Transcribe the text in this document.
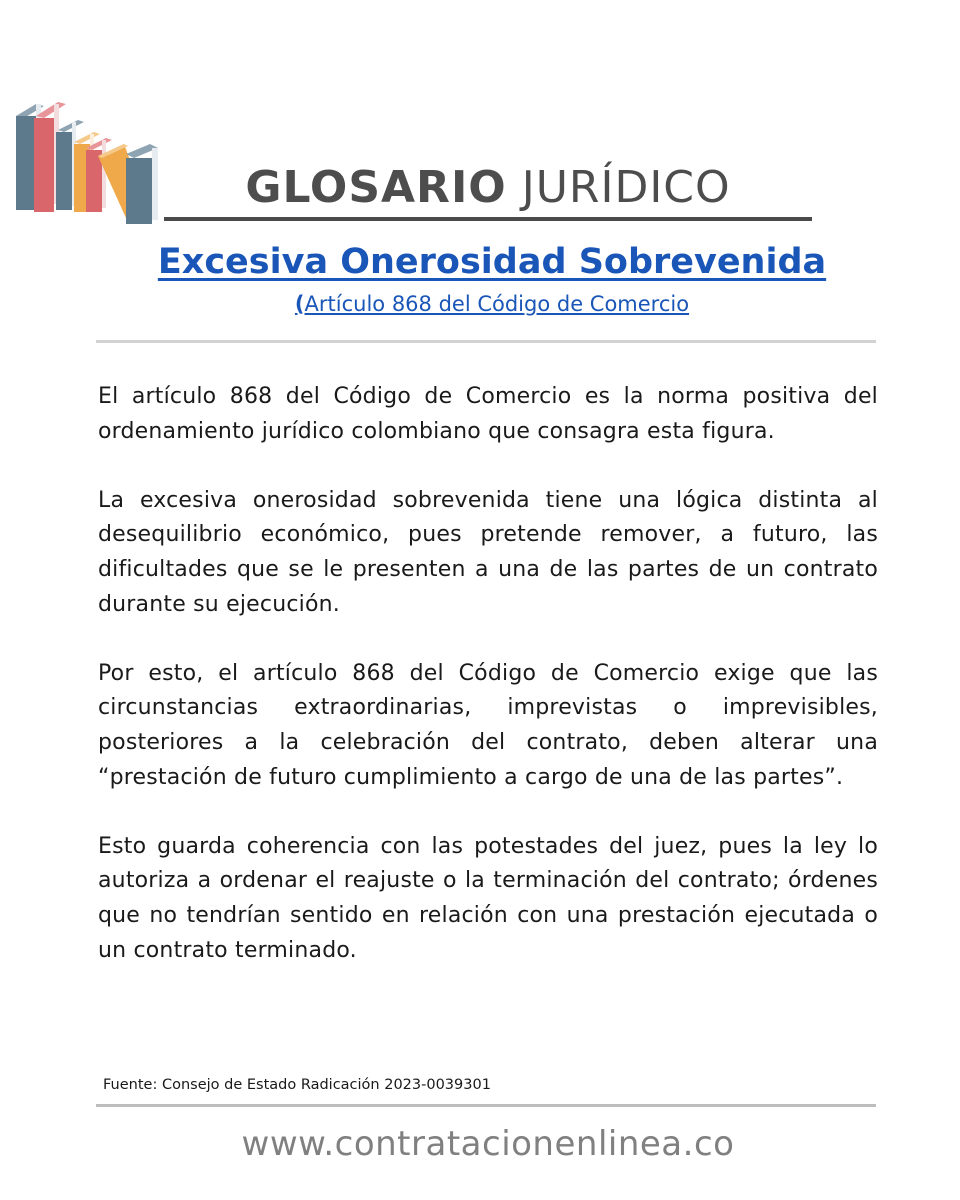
GLOSARIO JURÍDICO
Excesiva Onerosidad Sobrevenida
(Artículo 868 del Código de Comercio

El artículo 868 del Código de Comercio es la norma positiva del ordenamiento jurídico colombiano que consagra esta figura.

La excesiva onerosidad sobrevenida tiene una lógica distinta al desequilibrio económico, pues pretende remover, a futuro, las dificultades que se le presenten a una de las partes de un contrato durante su ejecución.

Por esto, el artículo 868 del Código de Comercio exige que las circunstancias extraordinarias, imprevistas o imprevisibles, posteriores a la celebración del contrato, deben alterar una “prestación de futuro cumplimiento a cargo de una de las partes”.

Esto guarda coherencia con las potestades del juez, pues la ley lo autoriza a ordenar el reajuste o la terminación del contrato; órdenes que no tendrían sentido en relación con una prestación ejecutada o un contrato terminado.

Fuente: Consejo de Estado Radicación 2023-0039301
www.contratacionenlinea.co
